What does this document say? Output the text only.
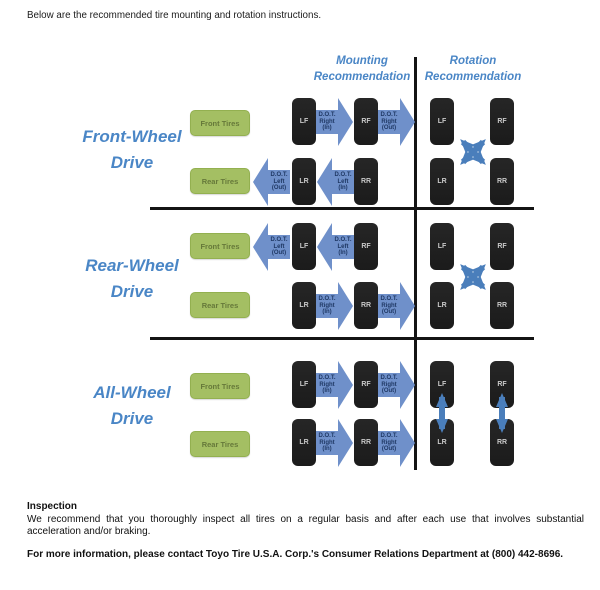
Below are the recommended tire mounting and rotation instructions.
Mounting
Recommendation
Rotation
Recommendation
Front-Wheel
Drive
Front Tires
Rear Tires
LF
D.O.T.
Right
(In)
RF
D.O.T.
Right
(Out)
D.O.T.
Left
(Out)
LR
D.O.T.
Left
(In)
RR
LF	RF
LR	RR
Rear-Wheel
Drive
Front Tires
Rear Tires
D.O.T.
Left
(Out)
LF
D.O.T.
Left
(In)
RF
LR
D.O.T.
Right
(In)
RR
D.O.T.
Right
(Out)
LF	RF
LR	RR
All-Wheel
Drive
Front Tires
Rear Tires
LF
D.O.T.
Right
(In)
RF
D.O.T.
Right
(Out)
LR
D.O.T.
Right
(In)
RR
D.O.T.
Right
(Out)
LF	RF
LR	RR
Inspection
We recommend that you thoroughly inspect all tires on a regular basis and after each use that involves substantial acceleration and/or braking.
For more information, please contact Toyo Tire U.S.A. Corp.'s Consumer Relations Department at (800) 442-8696.
